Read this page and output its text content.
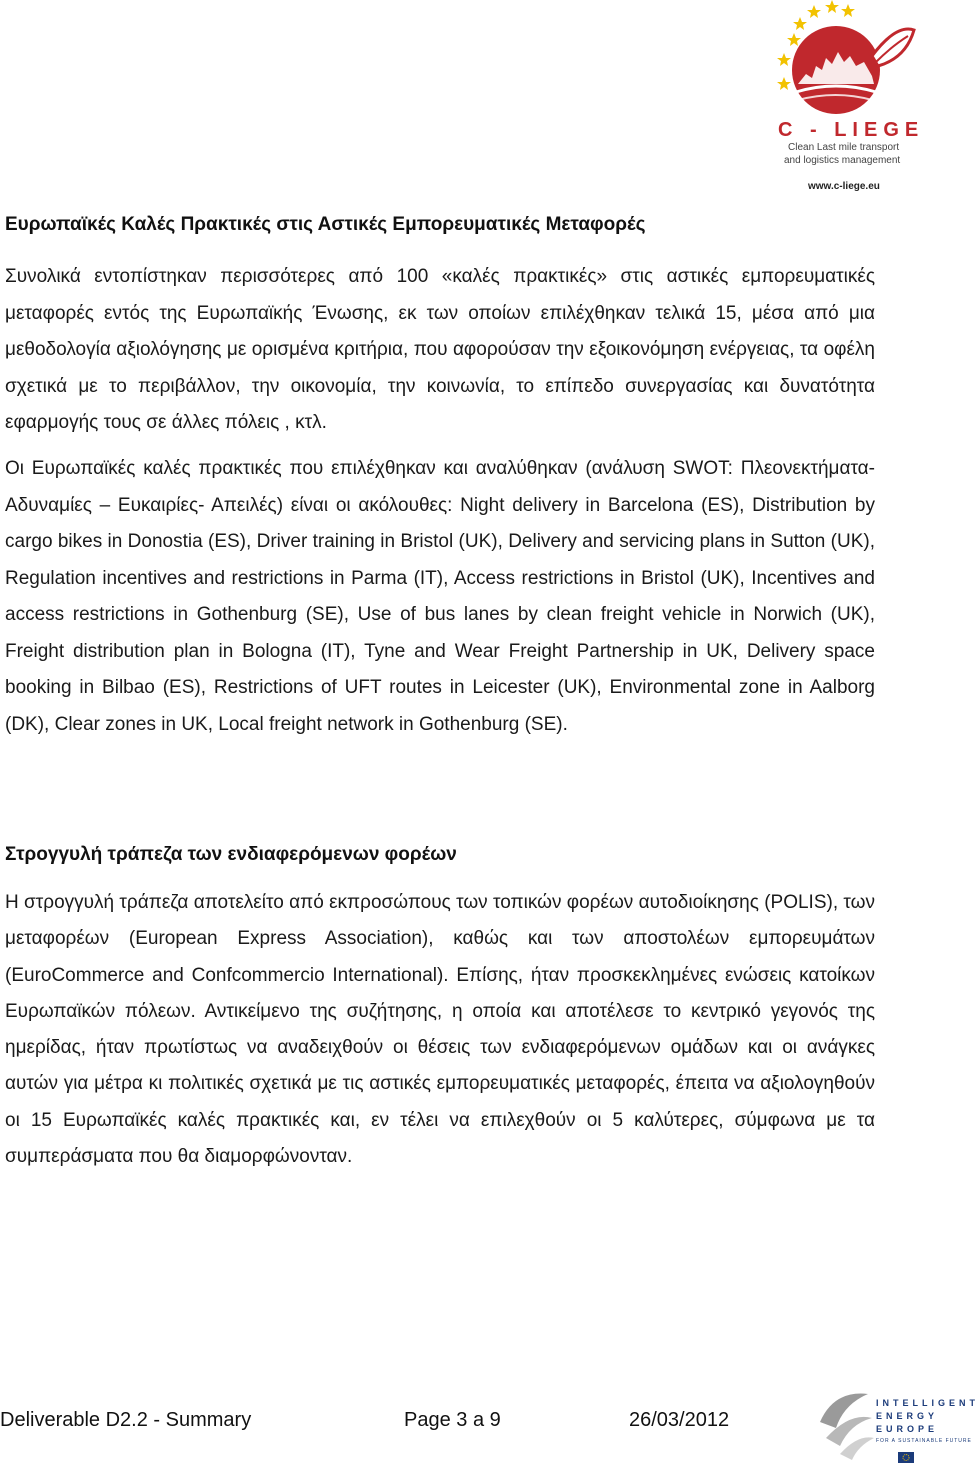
C - LIEGE
Clean Last mile transport
and logistics management
www.c-liege.eu
Ευρωπαϊκές Καλές Πρακτικές στις Αστικές Εμπορευματικές Μεταφορές
Συνολικά εντοπίστηκαν περισσότερες από 100 «καλές πρακτικές» στις αστικές εμπορευματικές μεταφορές εντός της Ευρωπαϊκής Ένωσης, εκ των οποίων επιλέχθηκαν τελικά 15, μέσα από μια μεθοδολογία αξιολόγησης με ορισμένα κριτήρια, που αφορούσαν την εξοικονόμηση ενέργειας, τα οφέλη σχετικά με το περιβάλλον, την οικονομία, την κοινωνία, το επίπεδο συνεργασίας και δυνατότητα εφαρμογής τους σε άλλες πόλεις , κτλ.
Οι Ευρωπαϊκές καλές πρακτικές που επιλέχθηκαν και αναλύθηκαν (ανάλυση SWOT: Πλεονεκτήματα- Αδυναμίες – Ευκαιρίες- Απειλές) είναι οι ακόλουθες: Night delivery in Barcelona (ES), Distribution by cargo bikes in Donostia (ES), Driver training in Bristol (UK), Delivery and servicing plans in Sutton (UK), Regulation incentives and restrictions in Parma (IT), Access restrictions in Bristol (UK), Incentives and access restrictions in Gothenburg (SE), Use of bus lanes by clean freight vehicle in Norwich (UK), Freight distribution plan in Bologna (IT), Tyne and Wear Freight Partnership in UK, Delivery space booking in Bilbao (ES), Restrictions of UFT routes in Leicester (UK), Environmental zone in Aalborg (DK), Clear zones in UK, Local freight network in Gothenburg (SE).
Στρογγυλή τράπεζα των ενδιαφερόμενων φορέων
Η στρογγυλή τράπεζα αποτελείτο από εκπροσώπους των τοπικών φορέων αυτοδιοίκησης (POLIS), των μεταφορέων (European Express Association), καθώς και των αποστολέων εμπορευμάτων (EuroCommerce and Confcommercio International). Επίσης, ήταν προσκεκλημένες ενώσεις κατοίκων Ευρωπαϊκών πόλεων. Αντικείμενο της συζήτησης, η οποία και αποτέλεσε το κεντρικό γεγονός της ημερίδας, ήταν πρωτίστως να αναδειχθούν οι θέσεις των ενδιαφερόμενων ομάδων και οι ανάγκες αυτών για μέτρα κι πολιτικές σχετικά με τις αστικές εμπορευματικές μεταφορές, έπειτα να αξιολογηθούν οι 15 Ευρωπαϊκές καλές πρακτικές και, εν τέλει να επιλεχθούν οι 5 καλύτερες, σύμφωνα με τα συμπεράσματα που θα διαμορφώνονταν.
Deliverable D2.2 - Summary	Page 3 a 9	26/03/2012
INTELLIGENT
ENERGY
EUROPE
FOR A SUSTAINABLE FUTURE
